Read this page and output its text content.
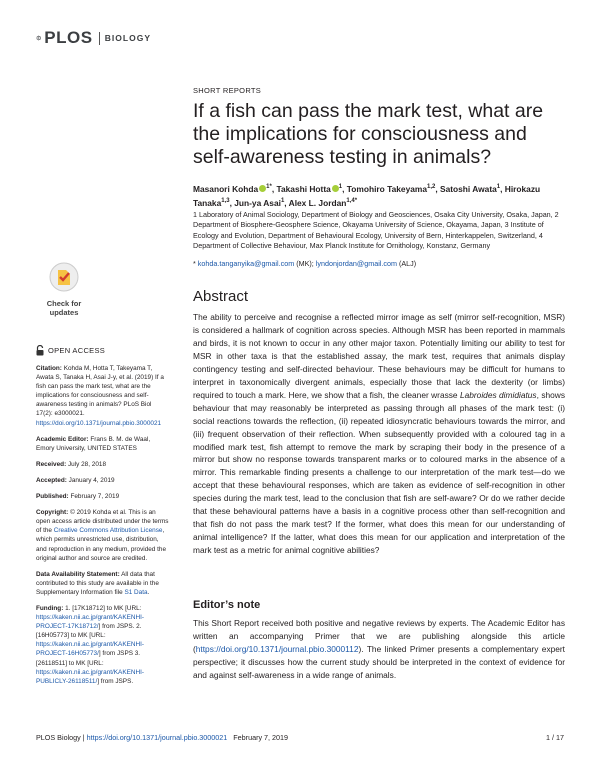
PLOS BIOLOGY
Check for updates
SHORT REPORTS
If a fish can pass the mark test, what are the implications for consciousness and self-awareness testing in animals?
Masanori Kohda $^{1*}$, Takashi Hotta $^1$, Tomohiro Takeyama$^{1,2}$, Satoshi Awata$^1$, Hirokazu Tanaka$^{1,3}$, Jun-ya Asai$^1$, Alex L. Jordan$^{1,4*}$
1 Laboratory of Animal Sociology, Department of Biology and Geosciences, Osaka City University, Osaka, Japan, 2 Department of Biosphere-Geosphere Science, Okayama University of Science, Okayama, Japan, 3 Institute of Ecology and Evolution, Department of Behavioural Ecology, University of Bern, Hinterkappelen, Switzerland, 4 Department of Collective Behaviour, Max Planck Institute for Ornithology, Konstanz, Germany
* kohda.tanganyika@gmail.com (MK); lyndonjordan@gmail.com (ALJ)
OPEN ACCESS
Citation: Kohda M, Hotta T, Takeyama T, Awata S, Tanaka H, Asai J-y, et al. (2019) If a fish can pass the mark test, what are the implications for consciousness and self-awareness testing in animals? PLoS Biol 17(2): e3000021. https://doi.org/10.1371/journal.pbio.3000021
Academic Editor: Frans B. M. de Waal, Emory University, UNITED STATES
Received: July 28, 2018
Accepted: January 4, 2019
Published: February 7, 2019
Copyright: © 2019 Kohda et al. This is an open access article distributed under the terms of the Creative Commons Attribution License, which permits unrestricted use, distribution, and reproduction in any medium, provided the original author and source are credited.
Data Availability Statement: All data that contributed to this study are available in the Supplementary Information file S1 Data.
Funding: 1. [17K18712] to MK [URL: https://kaken.nii.ac.jp/grant/KAKENHI-PROJECT-17K18712/] from JSPS. 2. [16H05773] to MK [URL: https://kaken.nii.ac.jp/grant/KAKENHI-PROJECT-16H05773/] from JSPS 3. [26118511] to MK [URL: https://kaken.nii.ac.jp/grant/KAKENHI-PUBLICLY-26118511/] from JSPS.
Abstract

The ability to perceive and recognise a reflected mirror image as self (mirror self-recognition, MSR) is considered a hallmark of cognition across species. Although MSR has been reported in mammals and birds, it is not known to occur in any other major taxon. Potentially limiting our ability to test for MSR in other taxa is that the established assay, the mark test, requires that animals display contingency testing and self-directed behaviour. These behaviours may be difficult for humans to interpret in taxonomically divergent animals, especially those that lack the dexterity (or limbs) required to touch a mark. Here, we show that a fish, the cleaner wrasse Labroides dimidiatus, shows behaviour that may reasonably be interpreted as passing through all phases of the mark test: (i) social reactions towards the reflection, (ii) repeated idiosyncratic behaviours towards the mirror, and (iii) frequent observation of their reflection. When subsequently provided with a coloured tag in a modified mark test, fish attempt to remove the mark by scraping their body in the presence of a mirror but show no response towards transparent marks or to coloured marks in the absence of a mirror. This remarkable finding presents a challenge to our interpretation of the mark test—do we accept that these behavioural responses, which are taken as evidence of self-recognition in other species during the mark test, lead to the conclusion that fish are self-aware? Or do we rather decide that these behavioural patterns have a basis in a cognitive process other than self-recognition and that fish do not pass the mark test? If the former, what does this mean for our understanding of animal intelligence? If the latter, what does this mean for our application and interpretation of the mark test as a metric for animal cognitive abilities?

Editor’s note

This Short Report received both positive and negative reviews by experts. The Academic Editor has written an accompanying Primer that we are publishing alongside this article (https://doi.org/10.1371/journal.pbio.3000112). The linked Primer presents a complementary expert perspective; it discusses how the current study should be interpreted in the context of evidence for and against self-awareness in a wide range of animals.

PLOS Biology | https://doi.org/10.1371/journal.pbio.3000021 February 7, 2019	1 / 17
